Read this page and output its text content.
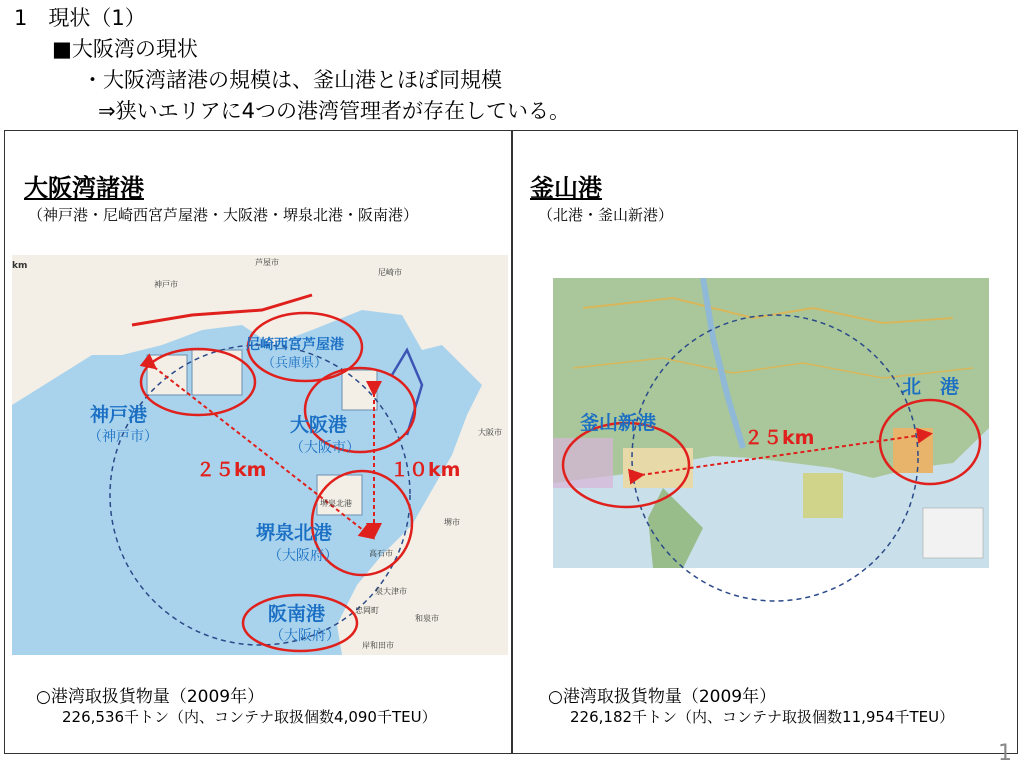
1　現状（1）
■大阪湾の現状
・大阪湾諸港の規模は、釜山港とほぼ同規模
⇒狭いエリアに4つの港湾管理者が存在している。
大阪湾諸港
（神戸港・尼崎西宮芦屋港・大阪港・堺泉北港・阪南港）
km	芦屋市
神戸市
尼崎市
大阪市
堺泉北港
堺市
高石市
泉大津市
忠岡町
和泉市
岸和田市
神戸港
（神戸市）
尼崎西宮芦屋港
（兵庫県）
大阪港
（大阪市）
堺泉北港
（大阪府）
阪南港
（大阪府）
２５km	１０km
○港湾取扱貨物量（2009年）
226,536千トン（内、コンテナ取扱個数4,090千TEU）
釜山港
（北港・釜山新港）
釜山新港
北　港
２５km
○港湾取扱貨物量（2009年）
226,182千トン（内、コンテナ取扱個数11,954千TEU）
1
